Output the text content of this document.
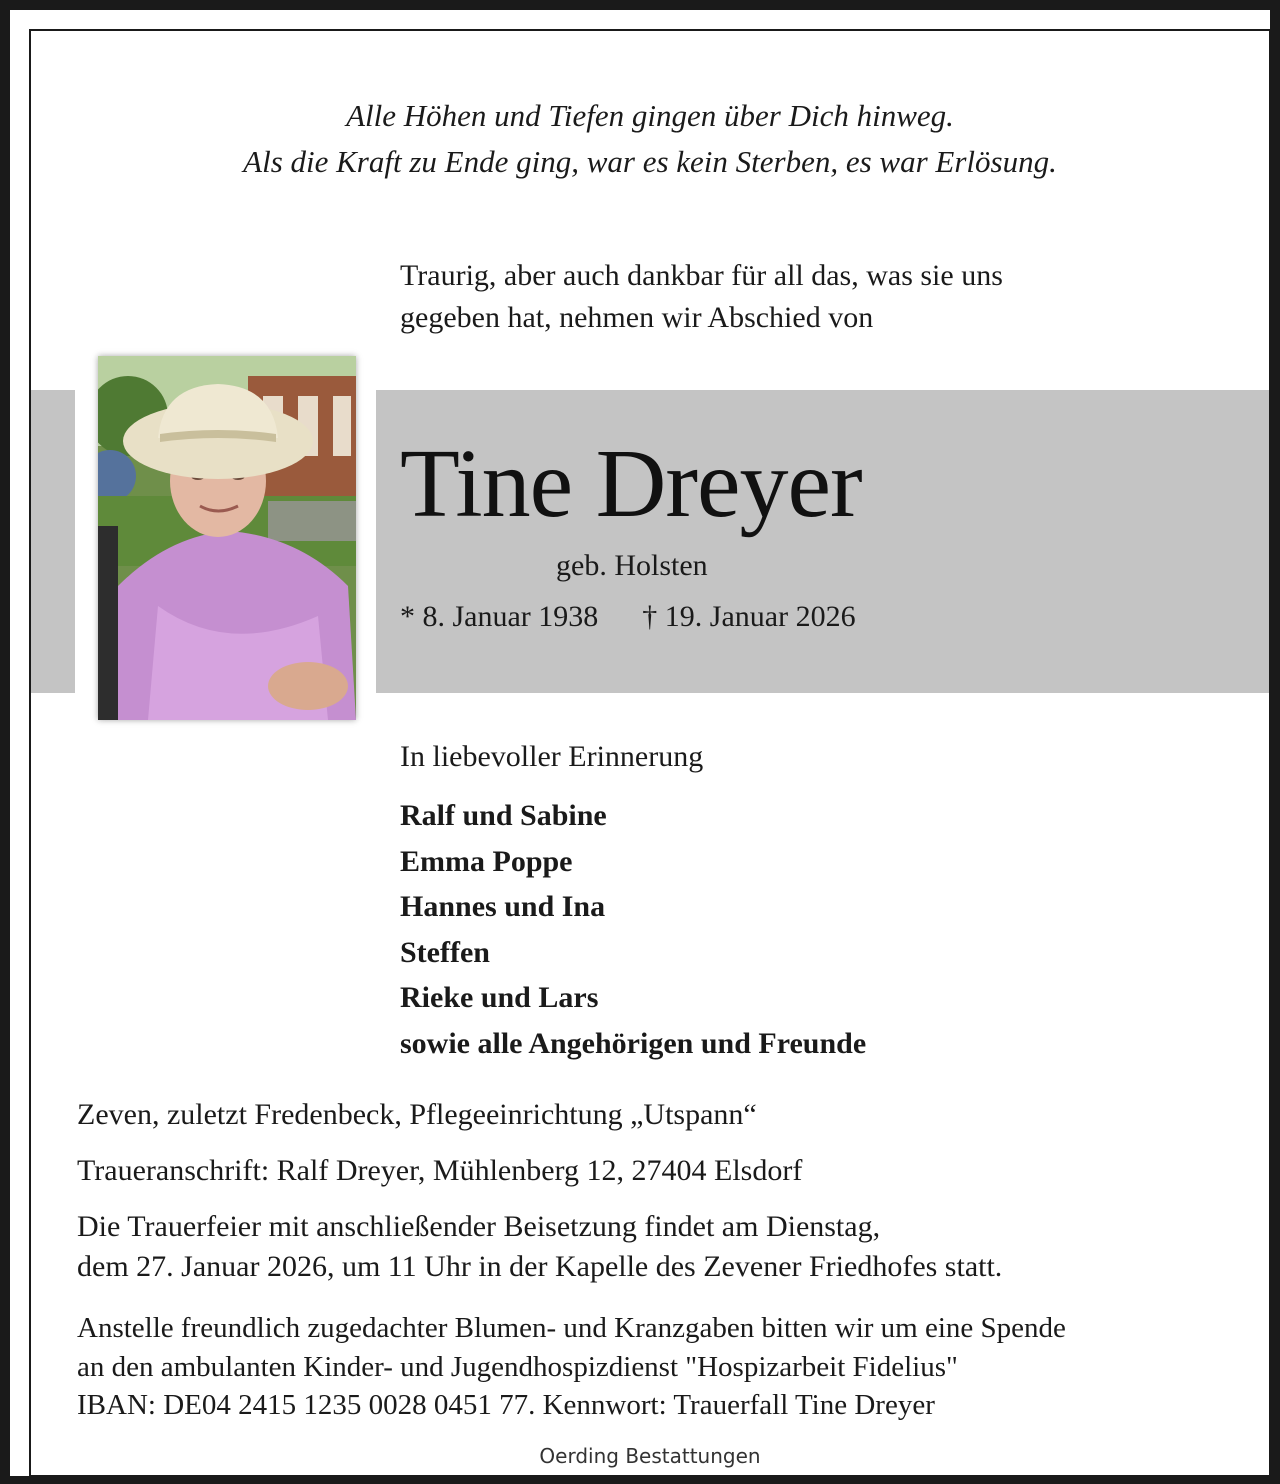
Alle Höhen und Tiefen gingen über Dich hinweg.
Als die Kraft zu Ende ging, war es kein Sterben, es war Erlösung.
Traurig, aber auch dankbar für all das, was sie uns
gegeben hat, nehmen wir Abschied von
Tine Dreyer
geb. Holsten
* 8. Januar 1938 † 19. Januar 2026
In liebevoller Erinnerung
Ralf und Sabine
Emma Poppe
Hannes und Ina
Steffen
Rieke und Lars
sowie alle Angehörigen und Freunde
Zeven, zuletzt Fredenbeck, Pflegeeinrichtung „Utspann“
Traueranschrift: Ralf Dreyer, Mühlenberg 12, 27404 Elsdorf
Die Trauerfeier mit anschließender Beisetzung findet am Dienstag,
dem 27. Januar 2026, um 11 Uhr in der Kapelle des Zevener Friedhofes statt.
Anstelle freundlich zugedachter Blumen- und Kranzgaben bitten wir um eine Spende
an den ambulanten Kinder- und Jugendhospizdienst "Hospizarbeit Fidelius"
IBAN: DE04 2415 1235 0028 0451 77. Kennwort: Trauerfall Tine Dreyer
Oerding Bestattungen
